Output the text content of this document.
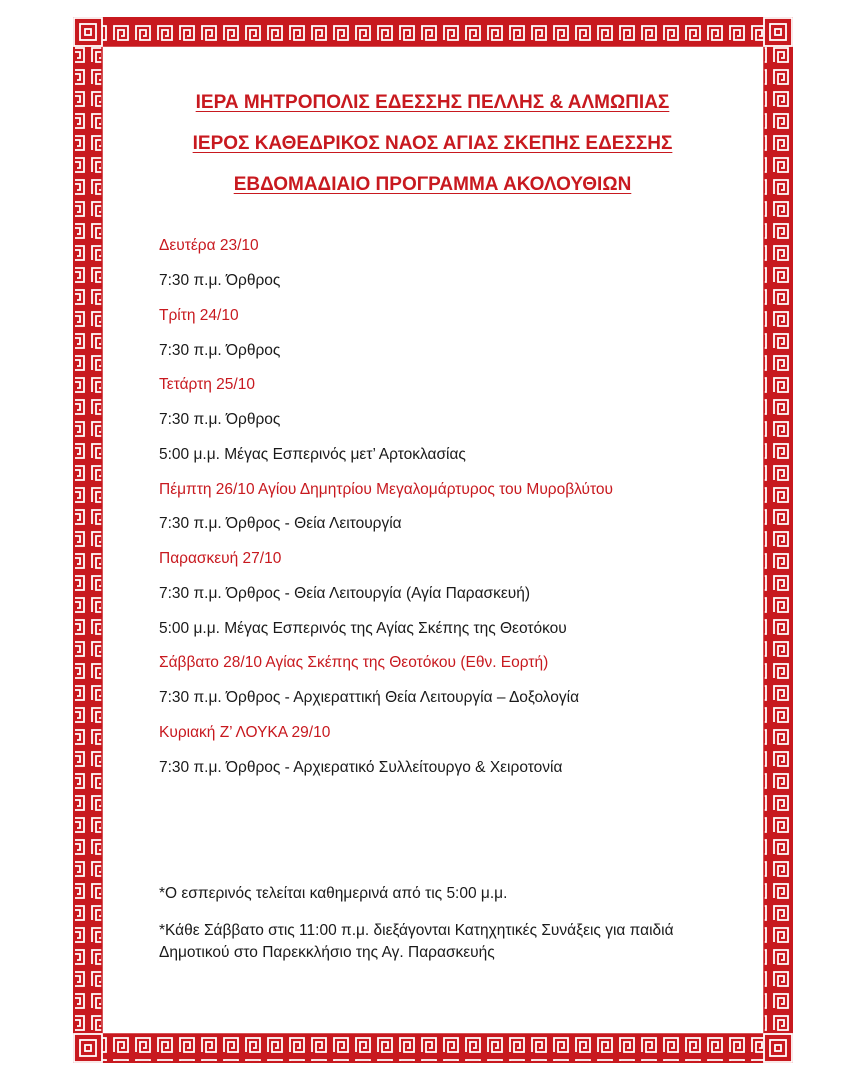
ΙΕΡΑ ΜΗΤΡΟΠΟΛΙΣ ΕΔΕΣΣΗΣ ΠΕΛΛΗΣ & ΑΛΜΩΠΙΑΣ
ΙΕΡΟΣ ΚΑΘΕΔΡΙΚΟΣ ΝΑΟΣ ΑΓΙΑΣ ΣΚΕΠΗΣ ΕΔΕΣΣΗΣ
ΕΒΔΟΜΑΔΙΑΙΟ ΠΡΟΓΡΑΜΜΑ ΑΚΟΛΟΥΘΙΩΝ

Δευτέρα 23/10

7:30 π.μ. Όρθρος

Τρίτη 24/10

7:30 π.μ. Όρθρος

Τετάρτη 25/10

7:30 π.μ. Όρθρος

5:00 μ.μ. Μέγας Εσπερινός μετ’ Αρτοκλασίας

Πέμπτη 26/10 Αγίου Δημητρίου Μεγαλομάρτυρος του Μυροβλύτου

7:30 π.μ. Όρθρος - Θεία Λειτουργία

Παρασκευή 27/10

7:30 π.μ. Όρθρος - Θεία Λειτουργία (Αγία Παρασκευή)

5:00 μ.μ. Μέγας Εσπερινός της Αγίας Σκέπης της Θεοτόκου

Σάββατο 28/10 Αγίας Σκέπης της Θεοτόκου (Εθν. Εορτή)

7:30 π.μ. Όρθρος - Αρχιεραττική Θεία Λειτουργία – Δοξολογία

Κυριακή Ζ’ ΛΟΥΚΑ 29/10

7:30 π.μ. Όρθρος - Αρχιερατικό Συλλείτουργο & Χειροτονία

*Ο εσπερινός τελείται καθημερινά από τις 5:00 μ.μ.

*Κάθε Σάββατο στις 11:00 π.μ. διεξάγονται Κατηχητικές Συνάξεις για παιδιά Δημοτικού στο Παρεκκλήσιο της Αγ. Παρασκευής
